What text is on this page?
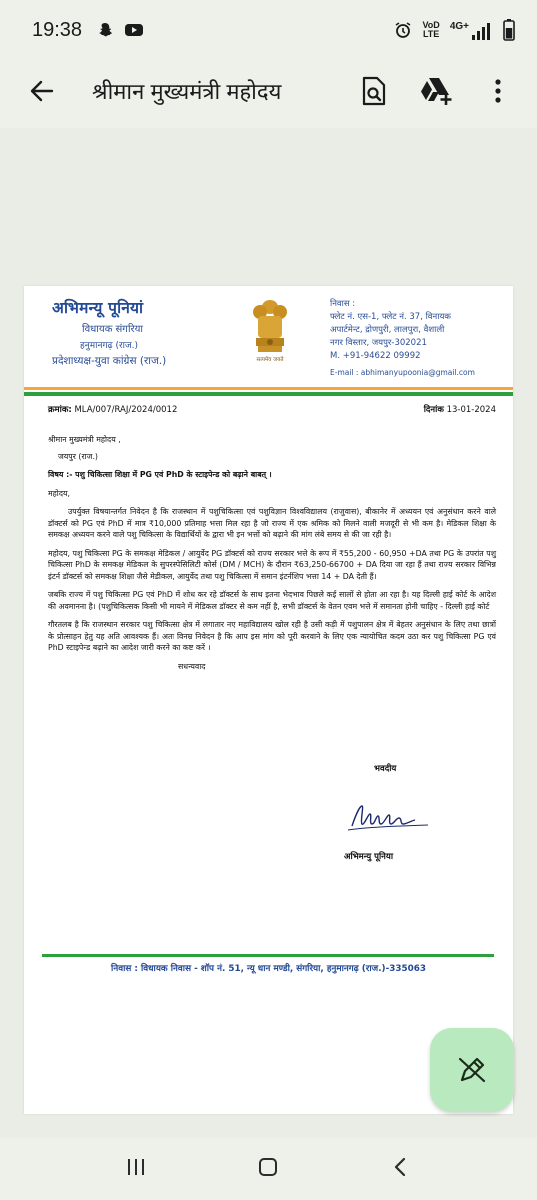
19:38	VoD
LTE
4G+
श्रीमान मुख्यमंत्री महोदय
अभिमन्यू पूनियां
विधायक संगरिया
हनुमानगढ़ (राज.)
प्रदेशाध्यक्ष-युवा कांग्रेस (राज.)	सत्यमेव जयते
निवास :
फ्लेट नं. एस-1, फ्लेट नं. 37, विनायक
अपार्टमेन्ट, द्रोणपुरी, लालपुरा, वैशाली
नगर विस्तार, जयपुर-302021
M. +91-94622 09992
E-mail : abhimanyupoonia@gmail.com
क्रमांक: MLA/007/RAJ/2024/0012	दिनांक 13-01-2024

श्रीमान मुख्यमंत्री महोदय ,

जयपुर (राज.)

विषय :- पशु चिकित्सा शिक्षा में PG एवं PhD के स्टाइपेन्ड को बढ़ाने बाबत् ।

महोदय,

उपर्युक्त विषयान्तर्गत निवेदन है कि राजस्थान में पशुचिकित्सा एवं पशुविज्ञान विश्वविद्यालय (राजुवास), बीकानेर में अध्ययन एवं अनुसंधान करने वाले डॉक्टर्स को PG एवं PhD में मात्र ₹10,000 प्रतिमाह भत्ता मिल रहा है जो राज्य में एक श्रमिक को मिलने वाली मजदूरी से भी कम है। मेडिकल शिक्षा के समकक्ष अध्ययन करने वाले पशु चिकित्सा के विद्यार्थियों के द्वारा भी इन भत्तों को बढ़ाने की मांग लंबे समय से की जा रही है।

महोदय, पशु चिकित्सा PG के समकक्ष मेडिकल / आयुर्वेद PG डॉक्टर्स को राज्य सरकार भत्ते के रूप में ₹55,200 - 60,950 +DA तथा PG के उपरांत पशु चिकित्सा PhD के समकक्ष मेडिकल के सुपरस्पेसिलिटी कोर्स (DM / MCH) के दौरान ₹63,250-66700 + DA दिया जा रहा हैं तथा राज्य सरकार विभिन्न इंटर्न डॉक्टर्स को समकक्ष शिक्षा जैसे मेडीकल, आयुर्वेद तथा पशु चिकित्सा में समान इंटर्नशिप भत्ता 14 + DA देती हैं।

जबकि राज्य में पशु चिकित्सा PG एवं PhD में शोध कर रहे डॉक्टर्स के साथ इतना भेदभाव पिछले कई सालों से होता आ रहा है। यह दिल्ली हाई कोर्ट के आदेश की अवमानना है। (पशुचिकित्सक किसी भी मायने में मेडिकल डॉक्टर से कम नहीं है, सभी डॉक्टर्स के वेतन एवम भत्ते में समानता होनी चाहिए - दिल्ली हाई कोर्ट

गौरतलब है कि राजस्थान सरकार पशु चिकित्सा क्षेत्र में लगातार नए महाविद्यालय खोल रही है उसी कड़ी में पशुपालन क्षेत्र में बेहतर अनुसंधान के लिए तथा छात्रों के प्रोत्साहन हेतु यह अति आवश्यक हैं। अतः विनम्र निवेदन है कि आप इस मांग को पूरी करवाने के लिए एक न्यायोचित कदम उठा कर पशु चिकित्सा PG एवं PhD स्टाइपेन्ड बढ़ाने का आदेश जारी करने का कष्ट करें ।

सधन्यवाद

भवदीय
अभिमन्यु पूनिया
निवास : विधायक निवास - शॉप नं. 51, न्यू धान मण्डी, संगरिया, हनुमानगढ़ (राज.)-335063
